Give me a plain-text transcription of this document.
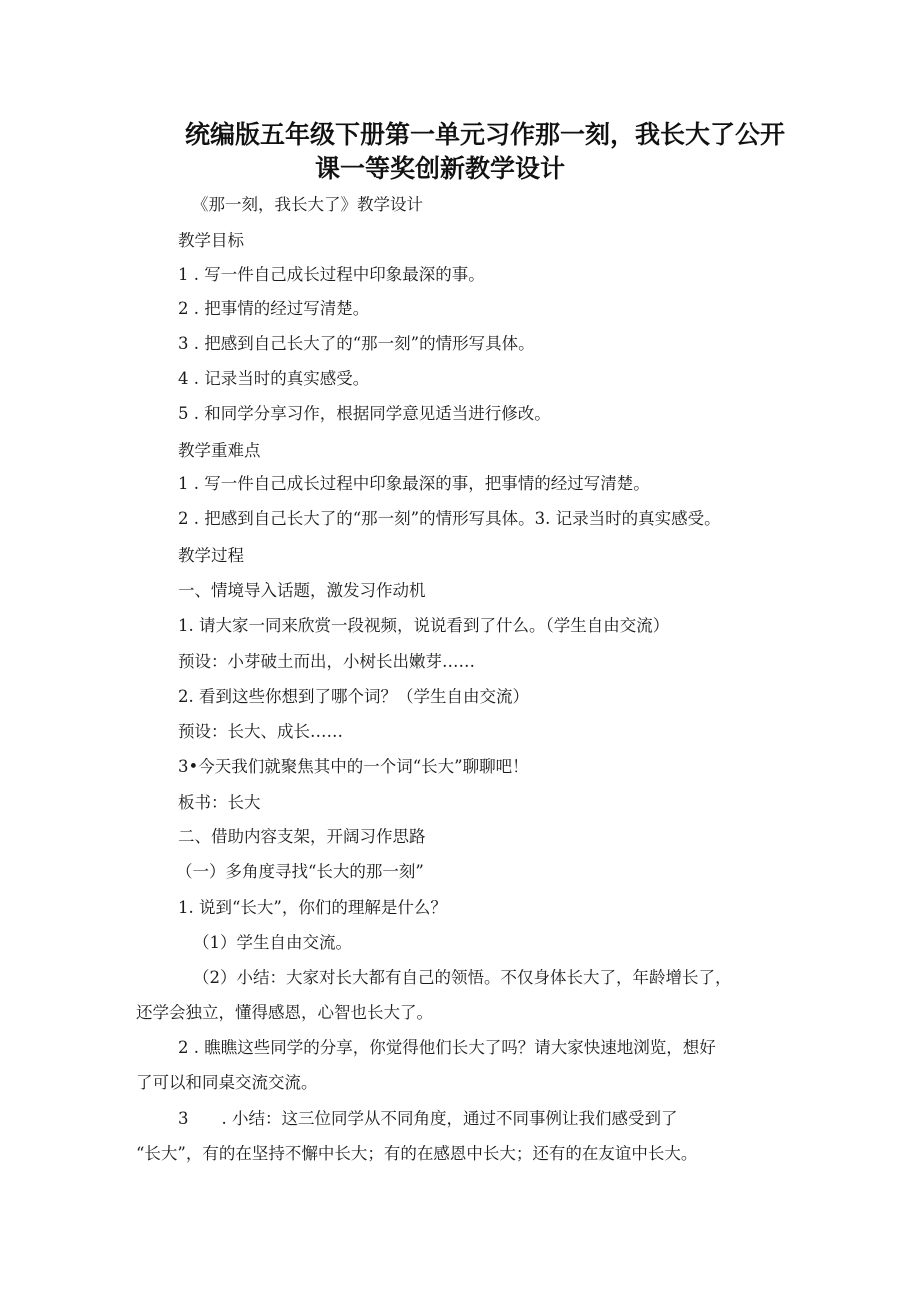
统编版五年级下册第一单元习作那一刻，我长大了公开
课一等奖创新教学设计
《那一刻，我长大了》教学设计
教学目标
1 . 写一件自己成长过程中印象最深的事。
2 . 把事情的经过写清楚。
3 . 把感到自己长大了的“那一刻”的情形写具体。
4 . 记录当时的真实感受。
5 . 和同学分享习作，根据同学意见适当进行修改。
教学重难点
1 . 写一件自己成长过程中印象最深的事，把事情的经过写清楚。
2 . 把感到自己长大了的“那一刻”的情形写具体。3. 记录当时的真实感受。
教学过程
一、情境导入话题，激发习作动机
1. 请大家一同来欣赏一段视频，说说看到了什么。（学生自由交流）
预设：小芽破土而出，小树长出嫩芽……
2. 看到这些你想到了哪个词？（学生自由交流）
预设：长大、成长……
3•今天我们就聚焦其中的一个词“长大”聊聊吧！
板书：长大
二、借助内容支架，开阔习作思路
（一）多角度寻找“长大的那一刻”
1. 说到“长大”，你们的理解是什么？
（1）学生自由交流。
（2）小结：大家对长大都有自己的领悟。不仅身体长大了，年龄增长了，
还学会独立，懂得感恩，心智也长大了。
2 . 瞧瞧这些同学的分享，你觉得他们长大了吗？请大家快速地浏览，想好
了可以和同桌交流交流。
3　　. 小结：这三位同学从不同角度，通过不同事例让我们感受到了
“长大”，有的在坚持不懈中长大；有的在感恩中长大；还有的在友谊中长大。
